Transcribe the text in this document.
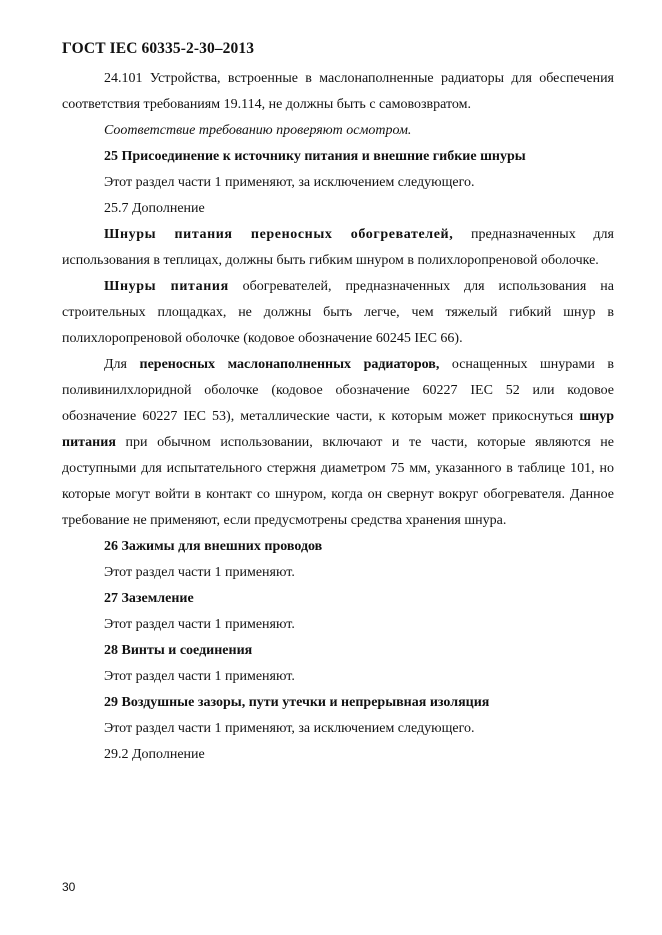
ГОСТ IEC 60335-2-30–2013

24.101 Устройства, встроенные в маслонаполненные радиаторы для обеспечения соответствия требованиям 19.114, не должны быть с самовозвратом.

Соответствие требованию проверяют осмотром.

25 Присоединение к источнику питания и внешние гибкие шнуры

Этот раздел части 1 применяют, за исключением следующего.

25.7 Дополнение

Шнуры питания переносных обогревателей, предназначенных для использования в теплицах, должны быть гибким шнуром в полихлоропреновой оболочке.

Шнуры питания обогревателей, предназначенных для использования на строительных площадках, не должны быть легче, чем тяжелый гибкий шнур в полихлоропреновой оболочке (кодовое обозначение 60245 IEC 66).

Для переносных маслонаполненных радиаторов, оснащенных шнурами в поливинилхлоридной оболочке (кодовое обозначение 60227 IEC 52 или кодовое обозначение 60227 IEC 53), металлические части, к которым может прикоснуться шнур питания при обычном использовании, включают и те части, которые являются не доступными для испытательного стержня диаметром 75 мм, указанного в таблице 101, но которые могут войти в контакт со шнуром, когда он свернут вокруг обогревателя. Данное требование не применяют, если предусмотрены средства хранения шнура.

26 Зажимы для внешних проводов

Этот раздел части 1 применяют.

27 Заземление

Этот раздел части 1 применяют.

28 Винты и соединения

Этот раздел части 1 применяют.

29 Воздушные зазоры, пути утечки и непрерывная изоляция

Этот раздел части 1 применяют, за исключением следующего.

29.2 Дополнение

30
